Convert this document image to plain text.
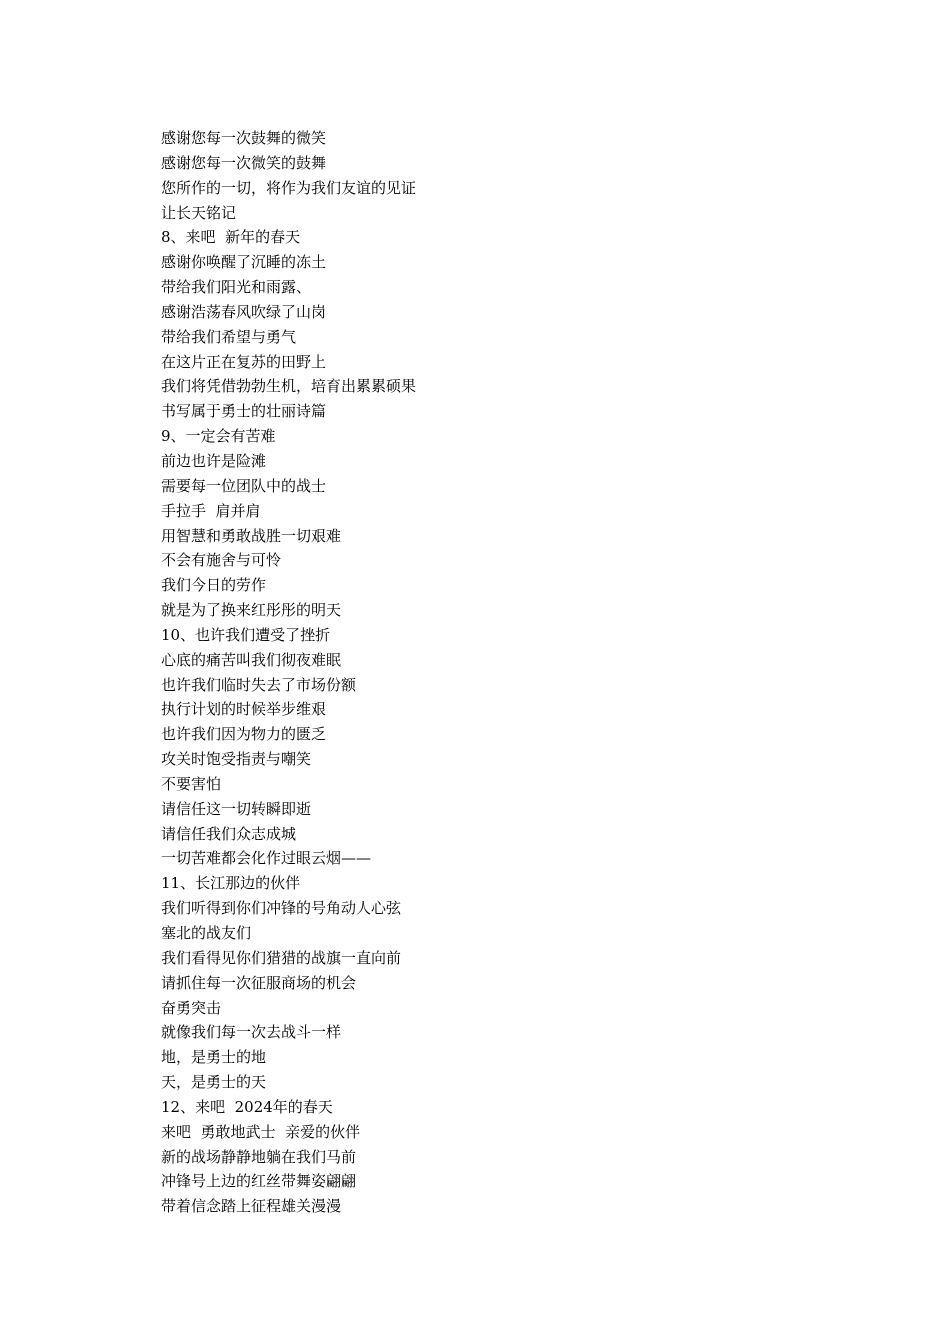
感谢您每一次鼓舞的微笑

感谢您每一次微笑的鼓舞

您所作的一切，将作为我们友谊的见证

让长天铭记

8、来吧  新年的春天

感谢你唤醒了沉睡的冻土

带给我们阳光和雨露、

感谢浩荡春风吹绿了山岗

带给我们希望与勇气

在这片正在复苏的田野上

我们将凭借勃勃生机，培育出累累硕果

书写属于勇士的壮丽诗篇

9、一定会有苦难

前边也许是险滩

需要每一位团队中的战士

手拉手  肩并肩

用智慧和勇敢战胜一切艰难

不会有施舍与可怜

我们今日的劳作

就是为了换来红彤彤的明天

10、也许我们遭受了挫折

心底的痛苦叫我们彻夜难眠

也许我们临时失去了市场份额

执行计划的时候举步维艰

也许我们因为物力的匮乏

攻关时饱受指责与嘲笑

不要害怕

请信任这一切转瞬即逝

请信任我们众志成城

一切苦难都会化作过眼云烟——

11、长江那边的伙伴

我们听得到你们冲锋的号角动人心弦

塞北的战友们

我们看得见你们猎猎的战旗一直向前

请抓住每一次征服商场的机会

奋勇突击

就像我们每一次去战斗一样

地，是勇士的地

天，是勇士的天

12、来吧  2024年的春天

来吧  勇敢地武士  亲爱的伙伴

新的战场静静地躺在我们马前

冲锋号上边的红丝带舞姿翩翩

带着信念踏上征程雄关漫漫
